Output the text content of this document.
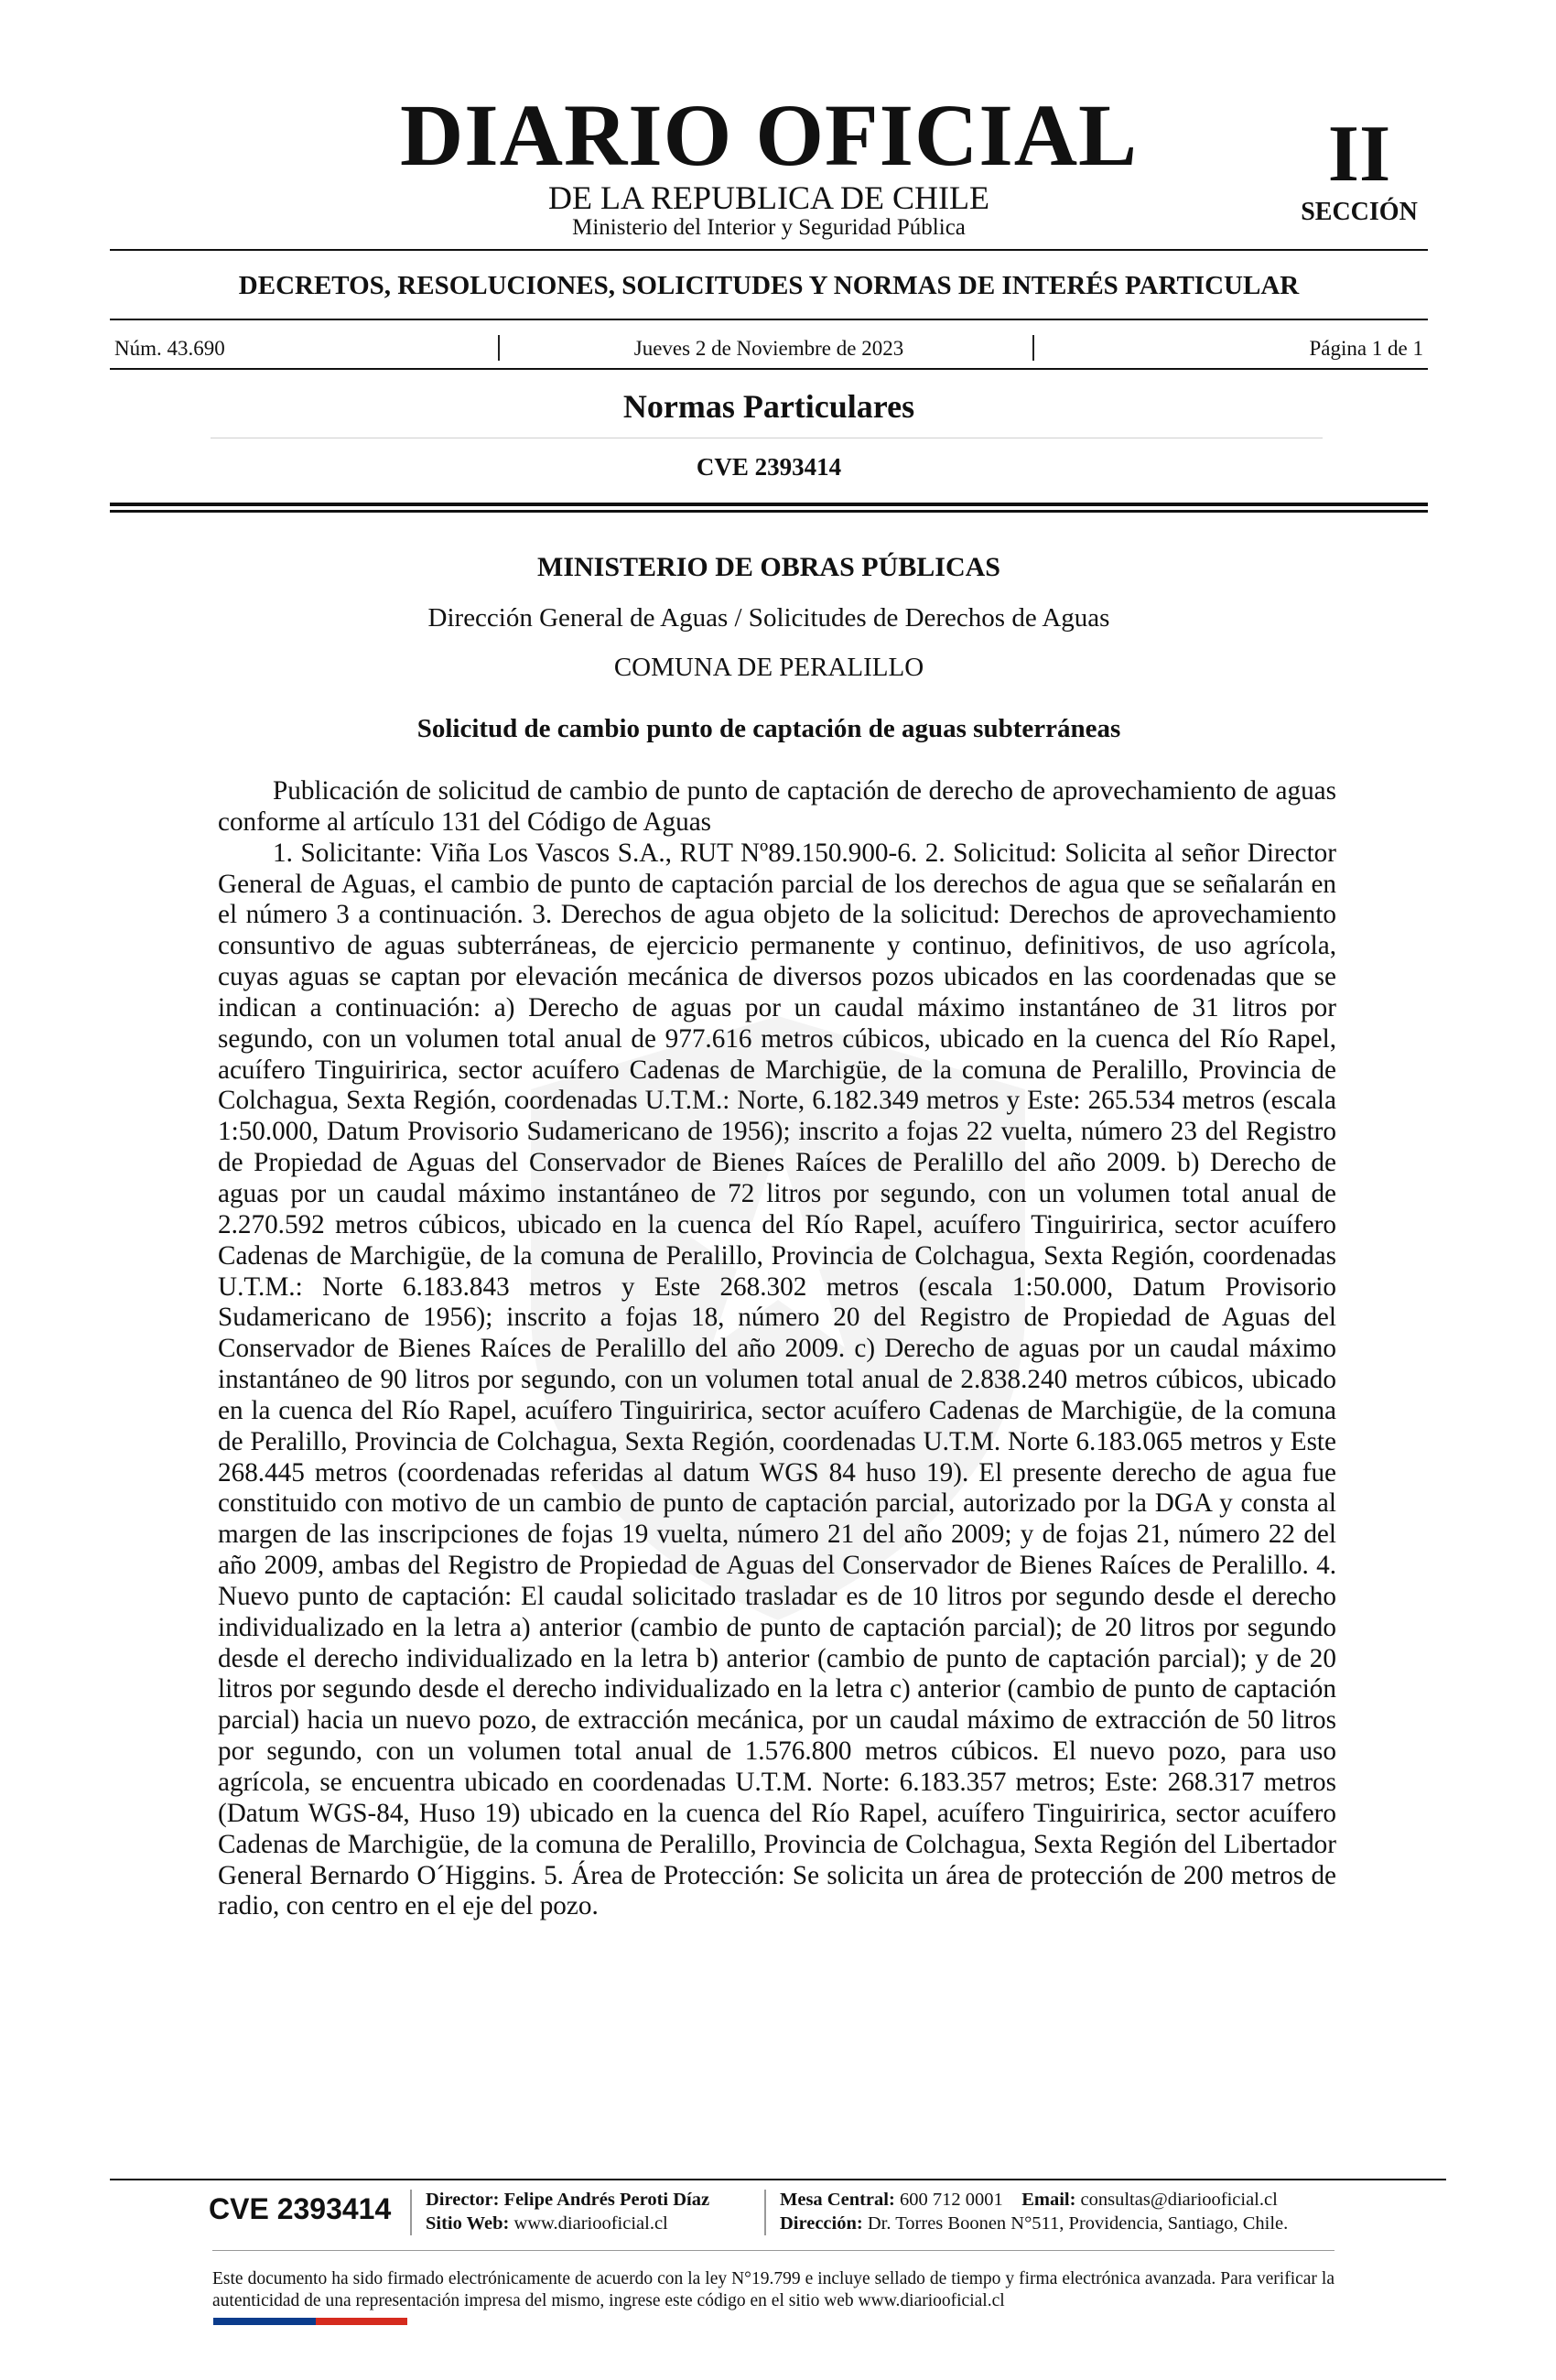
DIARIO OFICIAL
DE LA REPUBLICA DE CHILE
Ministerio del Interior y Seguridad Pública
II
SECCIÓN
DECRETOS, RESOLUCIONES, SOLICITUDES Y NORMAS DE INTERÉS PARTICULAR
Núm. 43.690	Jueves 2 de Noviembre de 2023	Página 1 de 1
Normas Particulares
CVE 2393414
MINISTERIO DE OBRAS PÚBLICAS
Dirección General de Aguas / Solicitudes de Derechos de Aguas
COMUNA DE PERALILLO
Solicitud de cambio punto de captación de aguas subterráneas

Publicación de solicitud de cambio de punto de captación de derecho de aprovechamiento de aguas conforme al artículo 131 del Código de Aguas

1. Solicitante: Viña Los Vascos S.A., RUT Nº89.150.900-6. 2. Solicitud: Solicita al señor Director General de Aguas, el cambio de punto de captación parcial de los derechos de agua que se señalarán en el número 3 a continuación. 3. Derechos de agua objeto de la solicitud: Derechos de aprovechamiento consuntivo de aguas subterráneas, de ejercicio permanente y continuo, definitivos, de uso agrícola, cuyas aguas se captan por elevación mecánica de diversos pozos ubicados en las coordenadas que se indican a continuación: a) Derecho de aguas por un caudal máximo instantáneo de 31 litros por segundo, con un volumen total anual de 977.616 metros cúbicos, ubicado en la cuenca del Río Rapel, acuífero Tinguiririca, sector acuífero Cadenas de Marchigüe, de la comuna de Peralillo, Provincia de Colchagua, Sexta Región, coordenadas U.T.M.: Norte, 6.182.349 metros y Este: 265.534 metros (escala 1:50.000, Datum Provisorio Sudamericano de 1956); inscrito a fojas 22 vuelta, número 23 del Registro de Propiedad de Aguas del Conservador de Bienes Raíces de Peralillo del año 2009. b) Derecho de aguas por un caudal máximo instantáneo de 72 litros por segundo, con un volumen total anual de 2.270.592 metros cúbicos, ubicado en la cuenca del Río Rapel, acuífero Tinguiririca, sector acuífero Cadenas de Marchigüe, de la comuna de Peralillo, Provincia de Colchagua, Sexta Región, coordenadas U.T.M.: Norte 6.183.843 metros y Este 268.302 metros (escala 1:50.000, Datum Provisorio Sudamericano de 1956); inscrito a fojas 18, número 20 del Registro de Propiedad de Aguas del Conservador de Bienes Raíces de Peralillo del año 2009. c) Derecho de aguas por un caudal máximo instantáneo de 90 litros por segundo, con un volumen total anual de 2.838.240 metros cúbicos, ubicado en la cuenca del Río Rapel, acuífero Tinguiririca, sector acuífero Cadenas de Marchigüe, de la comuna de Peralillo, Provincia de Colchagua, Sexta Región, coordenadas U.T.M. Norte 6.183.065 metros y Este 268.445 metros (coordenadas referidas al datum WGS 84 huso 19). El presente derecho de agua fue constituido con motivo de un cambio de punto de captación parcial, autorizado por la DGA y consta al margen de las inscripciones de fojas 19 vuelta, número 21 del año 2009; y de fojas 21, número 22 del año 2009, ambas del Registro de Propiedad de Aguas del Conservador de Bienes Raíces de Peralillo. 4. Nuevo punto de captación: El caudal solicitado trasladar es de 10 litros por segundo desde el derecho individualizado en la letra a) anterior (cambio de punto de captación parcial); de 20 litros por segundo desde el derecho individualizado en la letra b) anterior (cambio de punto de captación parcial); y de 20 litros por segundo desde el derecho individualizado en la letra c) anterior (cambio de punto de captación parcial) hacia un nuevo pozo, de extracción mecánica, por un caudal máximo de extracción de 50 litros por segundo, con un volumen total anual de 1.576.800 metros cúbicos. El nuevo pozo, para uso agrícola, se encuentra ubicado en coordenadas U.T.M. Norte: 6.183.357 metros; Este: 268.317 metros (Datum WGS-84, Huso 19) ubicado en la cuenca del Río Rapel, acuífero Tinguiririca, sector acuífero Cadenas de Marchigüe, de la comuna de Peralillo, Provincia de Colchagua, Sexta Región del Libertador General Bernardo O´Higgins. 5. Área de Protección: Se solicita un área de protección de 200 metros de radio, con centro en el eje del pozo.

CVE 2393414 Director: Felipe Andrés Peroti Díaz
Sitio Web: www.diariooficial.cl
Mesa Central: 600 712 0001 Email: consultas@diariooficial.cl
Dirección: Dr. Torres Boonen N°511, Providencia, Santiago, Chile.
Este documento ha sido firmado electrónicamente de acuerdo con la ley N°19.799 e incluye sellado de tiempo y firma electrónica avanzada. Para verificar la autenticidad de una representación impresa del mismo, ingrese este código en el sitio web www.diariooficial.cl
